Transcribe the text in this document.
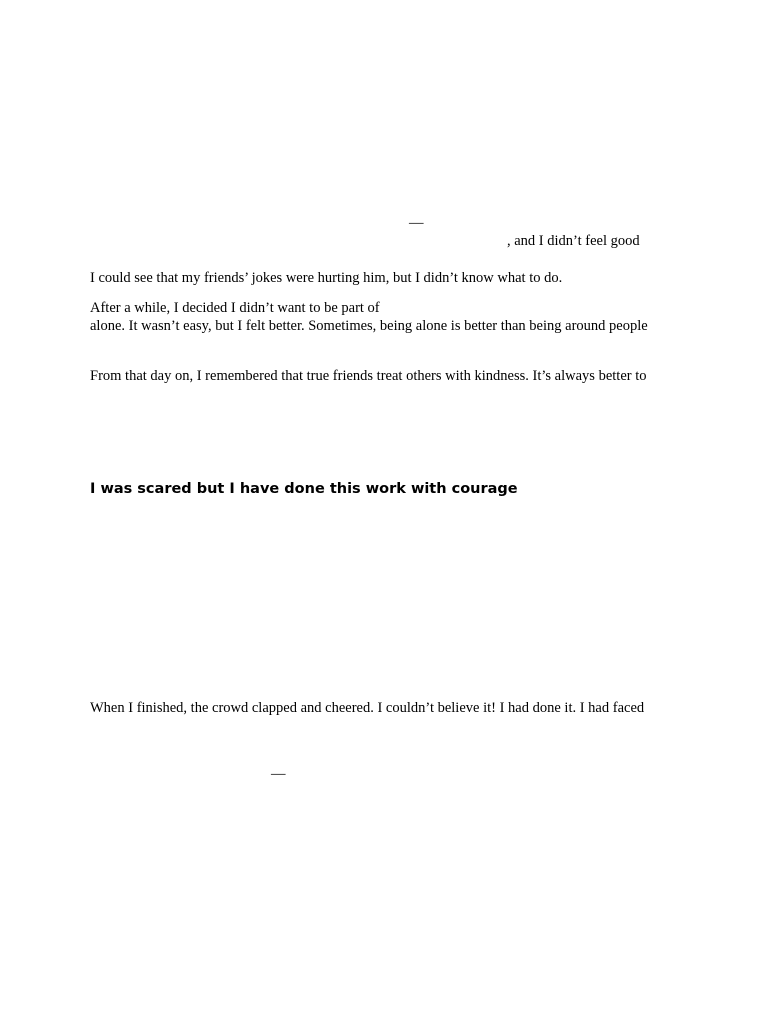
—
, and I didn’t feel good
I could see that my friends’ jokes were hurting him, but I didn’t know what to do.
After a while, I decided I didn’t want to be part of
alone. It wasn’t easy, but I felt better. Sometimes, being alone is better than being around people
From that day on, I remembered that true friends treat others with kindness. It’s always better to
I was scared but I have done this work with courage
When I finished, the crowd clapped and cheered. I couldn’t believe it! I had done it. I had faced
—
